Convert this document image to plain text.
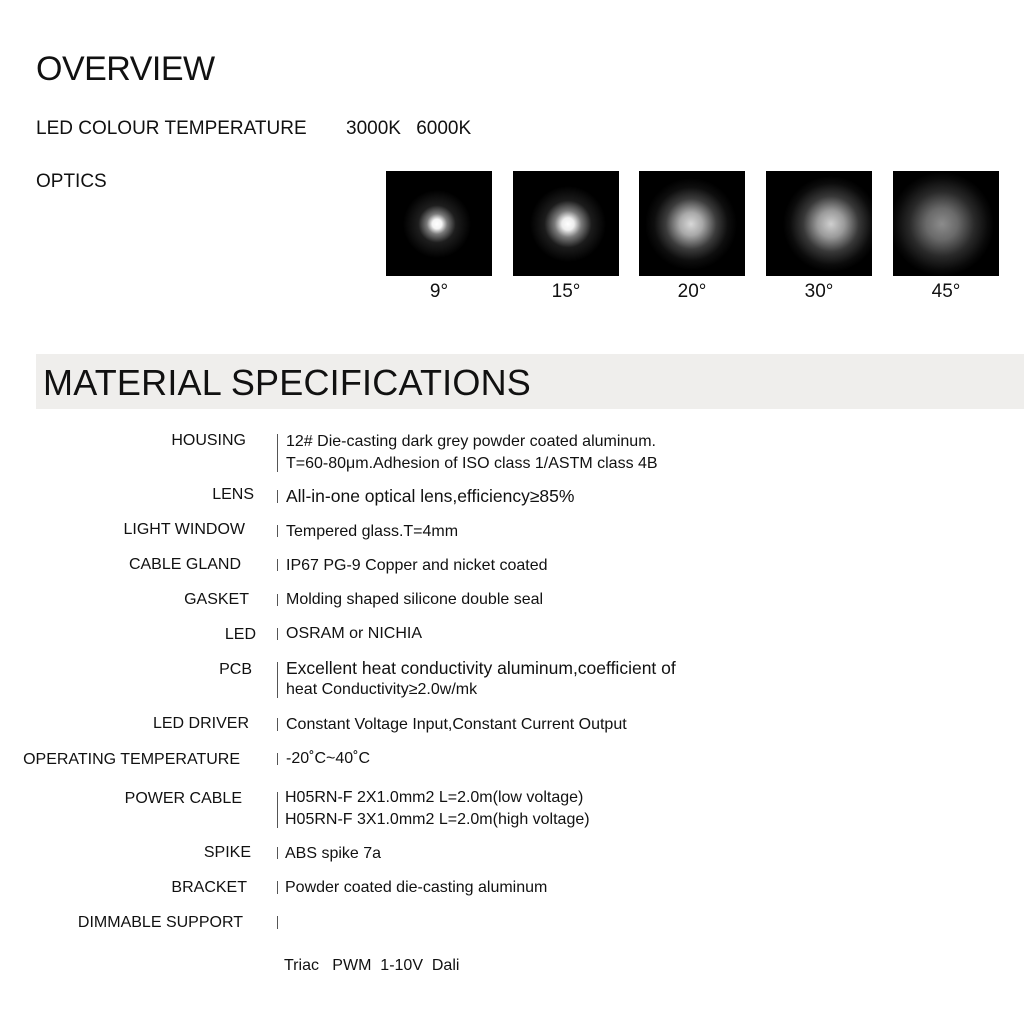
OVERVIEW
LED COLOUR TEMPERATURE 3000K 6000K
OPTICS
9°	15°	20°	30°	45°
MATERIAL SPECIFICATIONS
HOUSING	12# Die-casting dark grey powder coated aluminum.
T=60-80μm.Adhesion of ISO class 1/ASTM class 4B
LENS All-in-one optical lens,efficiency≥85%
LIGHT WINDOW	Tempered glass.T=4mm
CABLE GLAND	IP67 PG-9 Copper and nicket coated
GASKET Molding shaped silicone double seal
LED OSRAM or NICHIA
PCB Excellent heat conductivity aluminum,coefficient of
heat Conductivity≥2.0w/mk
LED DRIVER Constant Voltage Input,Constant Current Output
OPERATING TEMPERATURE	-20˚C~40˚C
POWER CABLE	H05RN-F 2X1.0mm2 L=2.0m(low voltage)
H05RN-F 3X1.0mm2 L=2.0m(high voltage)
SPIKE ABS spike 7a
BRACKET Powder coated die-casting aluminum
DIMMABLE SUPPORT

Triac   PWM  1-10V  Dali
